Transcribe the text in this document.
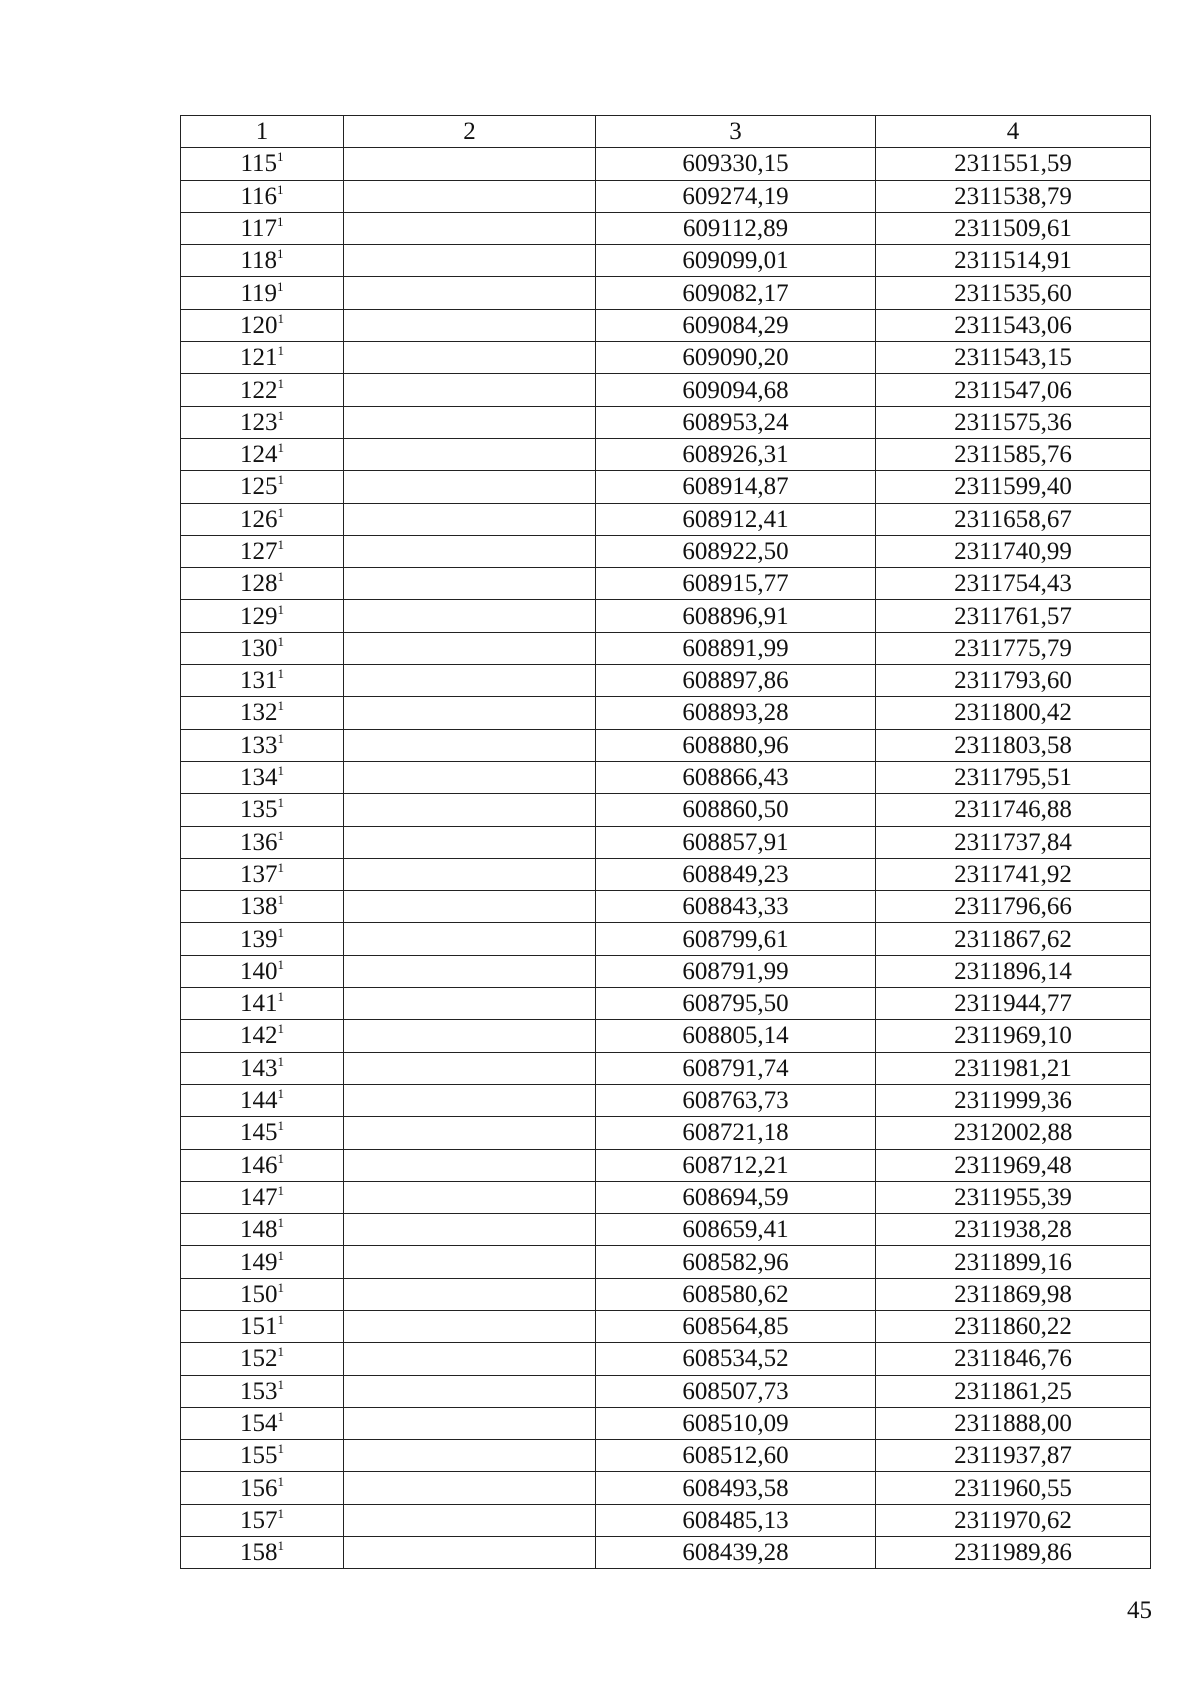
1	2	3	4
$115^1$		609330,15	2311551,59
$116^1$		609274,19	2311538,79
$117^1$		609112,89	2311509,61
$118^1$		609099,01	2311514,91
$119^1$		609082,17	2311535,60
$120^1$		609084,29	2311543,06
$121^1$		609090,20	2311543,15
$122^1$		609094,68	2311547,06
$123^1$		608953,24	2311575,36
$124^1$		608926,31	2311585,76
$125^1$		608914,87	2311599,40
$126^1$		608912,41	2311658,67
$127^1$		608922,50	2311740,99
$128^1$		608915,77	2311754,43
$129^1$		608896,91	2311761,57
$130^1$		608891,99	2311775,79
$131^1$		608897,86	2311793,60
$132^1$		608893,28	2311800,42
$133^1$		608880,96	2311803,58
$134^1$		608866,43	2311795,51
$135^1$		608860,50	2311746,88
$136^1$		608857,91	2311737,84
$137^1$		608849,23	2311741,92
$138^1$		608843,33	2311796,66
$139^1$		608799,61	2311867,62
$140^1$		608791,99	2311896,14
$141^1$		608795,50	2311944,77
$142^1$		608805,14	2311969,10
$143^1$		608791,74	2311981,21
$144^1$		608763,73	2311999,36
$145^1$		608721,18	2312002,88
$146^1$		608712,21	2311969,48
$147^1$		608694,59	2311955,39
$148^1$		608659,41	2311938,28
$149^1$		608582,96	2311899,16
$150^1$		608580,62	2311869,98
$151^1$		608564,85	2311860,22
$152^1$		608534,52	2311846,76
$153^1$		608507,73	2311861,25
$154^1$		608510,09	2311888,00
$155^1$		608512,60	2311937,87
$156^1$		608493,58	2311960,55
$157^1$		608485,13	2311970,62
$158^1$		608439,28	2311989,86
45
